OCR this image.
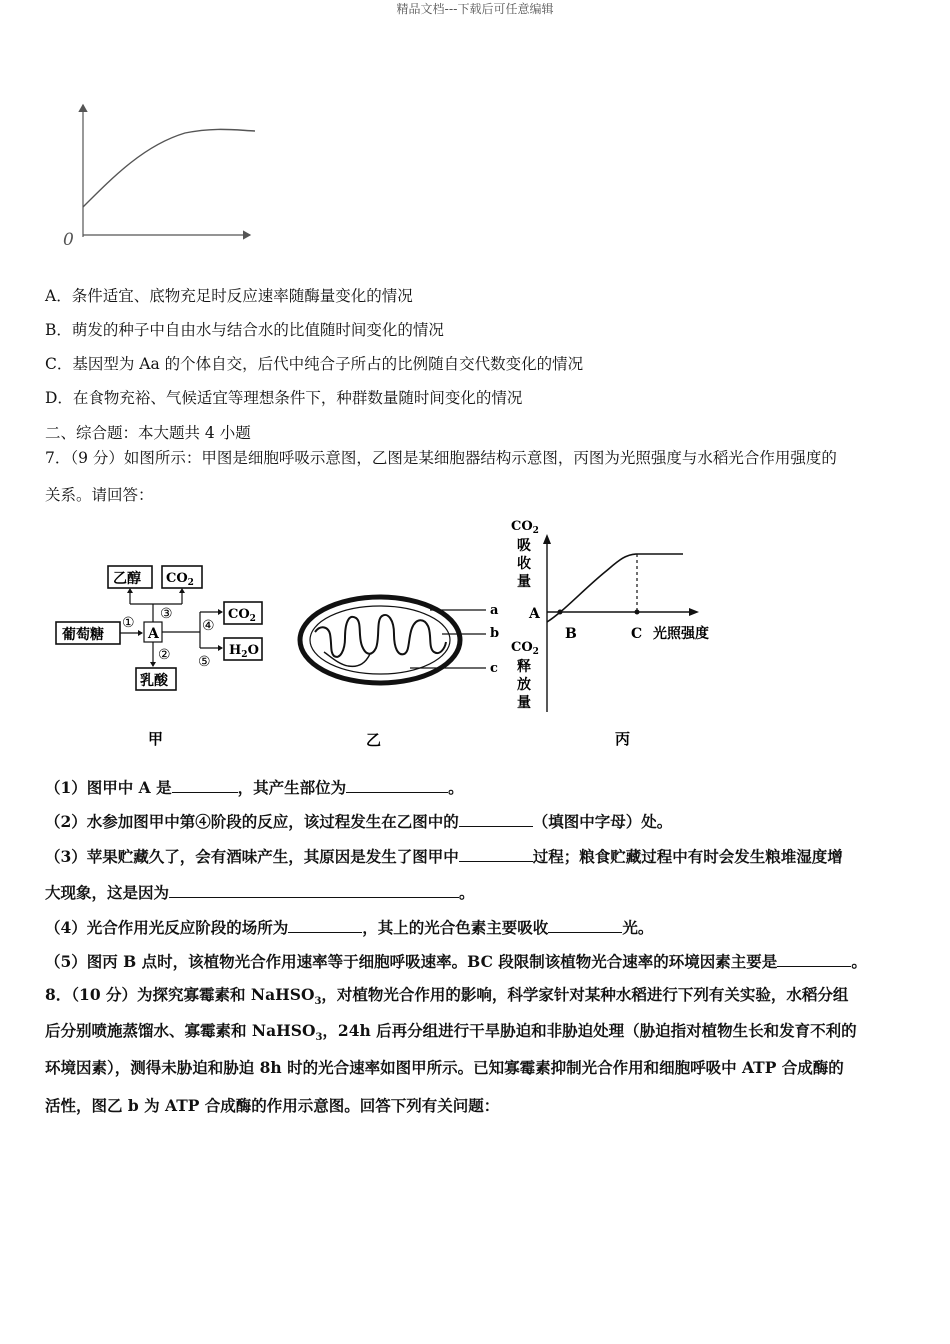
精品文档---下载后可任意编辑
0
A．条件适宜、底物充足时反应速率随酶量变化的情况
B．萌发的种子中自由水与结合水的比值随时间变化的情况
C．基因型为 Aa 的个体自交，后代中纯合子所占的比例随自交代数变化的情况
D．在食物充裕、气候适宜等理想条件下，种群数量随时间变化的情况
二、综合题：本大题共 4 小题
7．（9 分）如图所示：甲图是细胞呼吸示意图，乙图是某细胞器结构示意图，丙图为光照强度与水稻光合作用强度的
关系。请回答：
葡萄糖
乙醇 $CO_2$
A
$CO_2$
$H_2O$
乳酸
①
③
②
④
⑤
甲
a
b
c
乙
$CO_2$
吸
收
量
$CO_2$
释
放
量
A
B	C 光照强度
丙
（1）图甲中 A 是	，其产生部位为	。
（2）水参加图甲中第④阶段的反应，该过程发生在乙图中的	（填图中字母）处。
（3）苹果贮藏久了，会有酒味产生，其原因是发生了图甲中	过程；粮食贮藏过程中有时会发生粮堆湿度增
大现象，这是因为	。
（4）光合作用光反应阶段的场所为	，其上的光合色素主要吸收	光。
（5）图丙 B 点时，该植物光合作用速率等于细胞呼吸速率。BC 段限制该植物光合速率的环境因素主要是	。
8．（10 分）为探究寡霉素和 NaHSO$_3$，对植物光合作用的影响，科学家针对某种水稻进行下列有关实验，水稻分组
后分别喷施蒸馏水、寡霉素和 NaHSO$_3$，24h 后再分组进行干旱胁迫和非胁迫处理（胁迫指对植物生长和发育不利的
环境因素），测得未胁迫和胁迫 8h 时的光合速率如图甲所示。已知寡霉素抑制光合作用和细胞呼吸中 ATP 合成酶的
活性，图乙 b 为 ATP 合成酶的作用示意图。回答下列有关问题：
